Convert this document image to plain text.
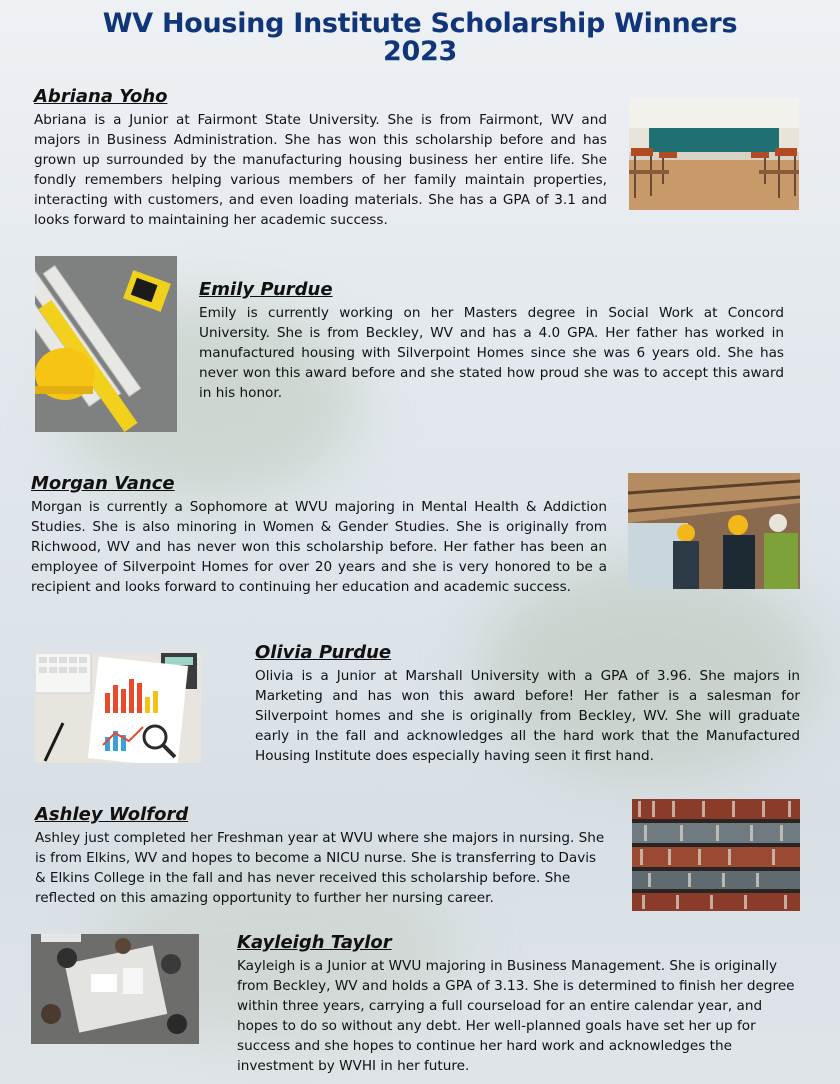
WV Housing Institute Scholarship Winners
2023
Abriana Yoho

Abriana is a Junior at Fairmont State University. She is from Fairmont, WV and majors in Business Administration. She has won this scholarship before and has grown up surrounded by the manufacturing housing business her entire life. She fondly remembers helping various members of her family maintain properties, interacting with customers, and even loading materials. She has a GPA of 3.1 and looks forward to maintaining her academic success.

Emily Purdue

Emily is currently working on her Masters degree in Social Work at Concord University. She is from Beckley, WV and has a 4.0 GPA. Her father has worked in manufactured housing with Silverpoint Homes since she was 6 years old. She has never won this award before and she stated how proud she was to accept this award in his honor.

Morgan Vance

Morgan is currently a Sophomore at WVU majoring in Mental Health & Addiction Studies. She is also minoring in Women & Gender Studies. She is originally from Richwood, WV and has never won this scholarship before. Her father has been an employee of Silverpoint Homes for over 20 years and she is very honored to be a recipient and looks forward to continuing her education and academic success.

Olivia Purdue

Olivia is a Junior at Marshall University with a GPA of 3.96. She majors in Marketing and has won this award before! Her father is a salesman for Silverpoint homes and she is originally from Beckley, WV. She will graduate early in the fall and acknowledges all the hard work that the Manufactured Housing Institute does especially having seen it first hand.

Ashley Wolford

Ashley just completed her Freshman year at WVU where she majors in nursing. She is from Elkins, WV and hopes to become a NICU nurse. She is transferring to Davis & Elkins College in the fall and has never received this scholarship before. She reflected on this amazing opportunity to further her nursing career.

Kayleigh Taylor

Kayleigh is a Junior at WVU majoring in Business Management. She is originally from Beckley, WV and holds a GPA of 3.13. She is determined to finish her degree within three years, carrying a full courseload for an entire calendar year, and hopes to do so without any debt. Her well-planned goals have set her up for success and she hopes to continue her hard work and acknowledges the investment by WVHI in her future.
